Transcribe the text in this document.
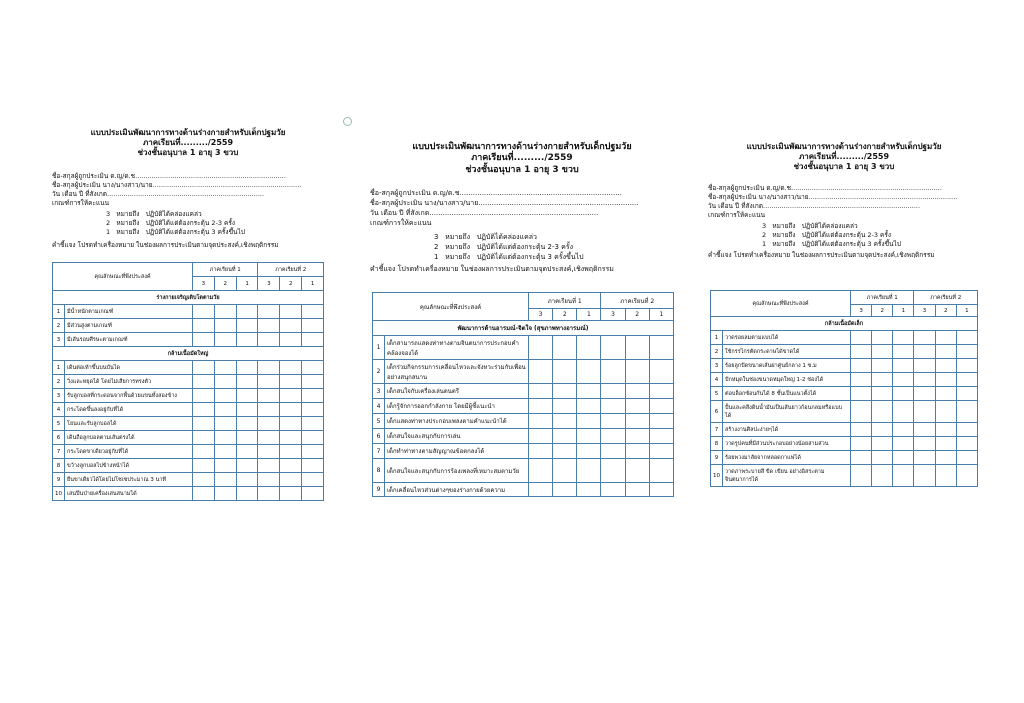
แบบประเมินพัฒนาการทางด้านร่างกายสำหรับเด็กปฐมวัย
ภาคเรียนที่........./2559
ช่วงชั้นอนุบาล 1 อายุ 3 ขวบ
ชื่อ-สกุลผู้ถูกประเมิน ด.ญ/ด.ช.........................................................................
ชื่อ-สกุลผู้ประเมิน นาง/นางสาว/นาย........................................................................
วัน เดือน ปี ที่สังเกต............................................................................
เกณฑ์การให้คะแนน
3 หมายถึง ปฏิบัติได้คล่องแคล่ว
2 หมายถึง ปฏิบัติได้แต่ต้องกระตุ้น 2-3 ครั้ง
1 หมายถึง ปฏิบัติได้แต่ต้องกระตุ้น 3 ครั้งขึ้นไป
คำชี้แจง โปรดทำเครื่องหมาย ในช่องผลการประเมินตามจุดประสงค์,เชิงพฤติกรรม
คุณลักษณะที่พึงประสงค์		ภาคเรียนที่ 1			ภาคเรียนที่ 2		
		3	2	1	3	2	1
ร่างกายเจริญเติบโตตามวัย							
1	มีน้ำหนักตามเกณฑ์						
2	มีส่วนสูงตามเกณฑ์						
3	มีเส้นรอบศีรษะตามเกณฑ์						
กล้ามเนื้อมัดใหญ่							
1	เดินต่อเท้าขึ้นบนบันได						
2	วิ่งและหยุดได้ โดยไม่เสียการทรงตัว						
3	รับลูกบอลที่กระดอนจากพื้นด้วยแขนทั้งสองข้าง						
4	กระโดดขึ้นลงอยู่กับที่ได้						
5	โยนและรับลูกบอลได้						
6	เดินถือลูกบอลตามเส้นตรงได้						
7	กระโดดขาเดียวอยู่กับที่ได้						
8	ขว้างลูกบอลไปข้างหน้าได้						
9	ยืนขาเดียวได้โดยไม่โซเซประมาณ 3 นาที						
10	เล่นปีนป่ายเครื่องเล่นสนามได้						
แบบประเมินพัฒนาการทางด้านร่างกายสำหรับเด็กปฐมวัย
ภาคเรียนที่........./2559
ช่วงชั้นอนุบาล 1 อายุ 3 ขวบ
ชื่อ-สกุลผู้ถูกประเมิน ด.ญ/ด.ช.........................................................................
ชื่อ-สกุลผู้ประเมิน นาง/นางสาว/นาย........................................................................
วัน เดือน ปี ที่สังเกต............................................................................
เกณฑ์การให้คะแนน
3 หมายถึง ปฏิบัติได้คล่องแคล่ว
2 หมายถึง ปฏิบัติได้แต่ต้องกระตุ้น 2-3 ครั้ง
1 หมายถึง ปฏิบัติได้แต่ต้องกระตุ้น 3 ครั้งขึ้นไป
คำชี้แจง โปรดทำเครื่องหมาย ในช่องผลการประเมินตามจุดประสงค์,เชิงพฤติกรรม
คุณลักษณะที่พึงประสงค์		ภาคเรียนที่ 1			ภาคเรียนที่ 2		
		3	2	1	3	2	1
พัฒนาการด้านอารมณ์-จิตใจ (สุขภาพทางอารมณ์)							
1	เด็กสามารถแสดงท่าทางตามจินตนาการประกอบคำคล้องจองได้						
2	เด็กร่วมกิจกรรมการเคลื่อนไหวและจังหวะร่วมกับเพื่อนอย่างสนุกสนาน						
3	เด็กสนใจกับเครื่องเล่นดนตรี						
4	เด็กรู้จักการออกกำลังกาย โดยมีผู้ชี้แนะนำ						
5	เด็กแสดงท่าทางประกอบเพลงตามคำแนะนำได้						
6	เด็กสนใจและสนุกกับการเล่น						
7	เด็กทำท่าทางตามสัญญาณข้อตกลงได้						
8	เด็กสนใจและสนุกกับการร้องเพลงที่เหมาะสมตามวัย						
9	เด็กเคลื่อนไหวส่วนต่างๆของร่างกายด้วยความ						
แบบประเมินพัฒนาการทางด้านร่างกายสำหรับเด็กปฐมวัย
ภาคเรียนที่........./2559
ช่วงชั้นอนุบาล 1 อายุ 3 ขวบ
ชื่อ-สกุลผู้ถูกประเมิน ด.ญ/ด.ช.........................................................................
ชื่อ-สกุลผู้ประเมิน นาง/นางสาว/นาย........................................................................
วัน เดือน ปี ที่สังเกต............................................................................
เกณฑ์การให้คะแนน
3 หมายถึง ปฏิบัติได้คล่องแคล่ว
2 หมายถึง ปฏิบัติได้แต่ต้องกระตุ้น 2-3 ครั้ง
1 หมายถึง ปฏิบัติได้แต่ต้องกระตุ้น 3 ครั้งขึ้นไป
คำชี้แจง โปรดทำเครื่องหมาย ในช่องผลการประเมินตามจุดประสงค์,เชิงพฤติกรรม
คุณลักษณะที่พึงประสงค์		ภาคเรียนที่ 1			ภาคเรียนที่ 2		
		3	2	1	3	2	1
กล้ามเนื้อมัดเล็ก							
1	วาดรอยลมตามแบบได้						
2	ใช้กรรไกรตัดกระดาษได้ขาดได้						
3	ร้อยลูกปัดขนาดเส้นผ่าศูนย์กลาง 1 ซ.ม						
4	ปักหมุดในช่องขนาดหมุดใหญ่ 1-2 ช่องได้						
5	ต่อบล็อกซ้อนกันได้ 8 ชั้นเป็นแนวตั้งได้						
6	ปั้นและคลึงดินน้ำมันเป็นเส้นยาวก้อนกลมหรือแบบได้						
7	สร้างงานศิลปะง่ายๆได้						
8	วาดรูปคนที่มีส่วนประกอบอย่างน้อยสามส่วน						
9	ร้อยพวงมาลัยจากหลอดกาแฟได้						
10	วาดภาพระบายสี ขีด เขียน อย่างอิสระตามจินตนาการได้						
